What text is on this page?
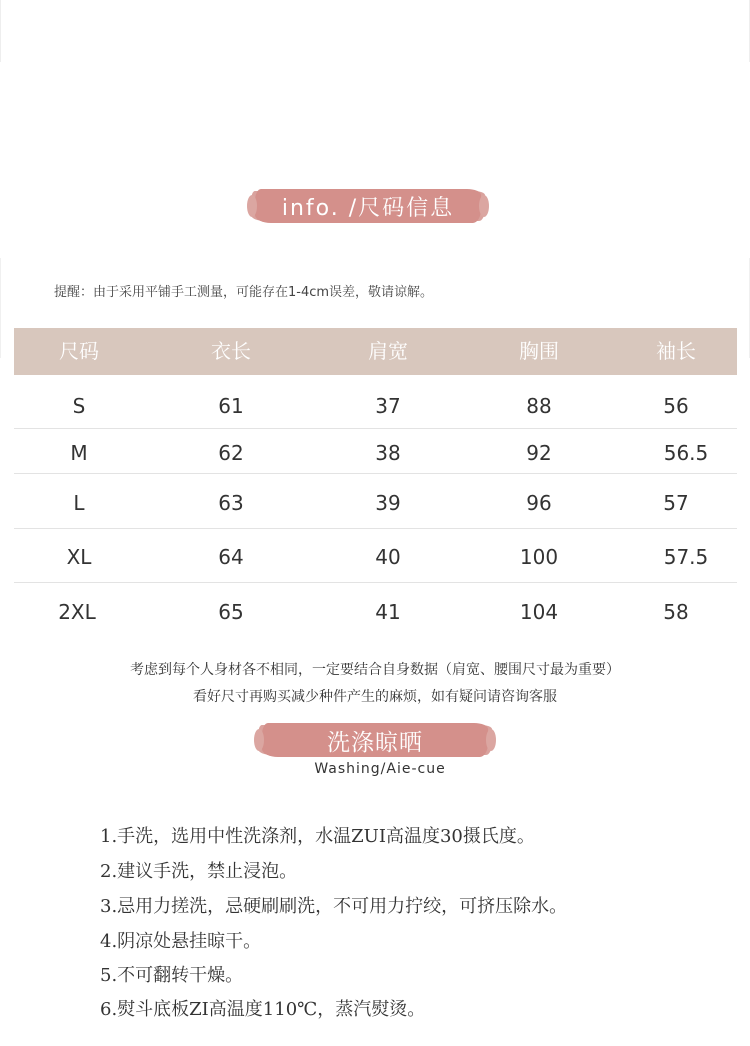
info. /尺码信息
提醒：由于采用平铺手工测量，可能存在1-4cm误差，敬请谅解。
尺码	衣长	肩宽	胸围	袖长
S	61	37	88	56
M	62	38	92	56.5
L	63	39	96	57
XL	64	40	100	57.5
2XL	65	41	104	58
考虑到每个人身材各不相同，一定要结合自身数据（肩宽、腰围尺寸最为重要）
看好尺寸再购买减少种件产生的麻烦，如有疑问请咨询客服
洗涤晾晒
Washing/Aie-cue
1.手洗，选用中性洗涤剂，水温ZUI高温度30摄氏度。
2.建议手洗，禁止浸泡。
3.忌用力搓洗，忌硬刷刷洗，不可用力拧绞，可挤压除水。
4.阴凉处悬挂晾干。
5.不可翻转干燥。
6.熨斗底板ZI高温度110℃，蒸汽熨烫。
